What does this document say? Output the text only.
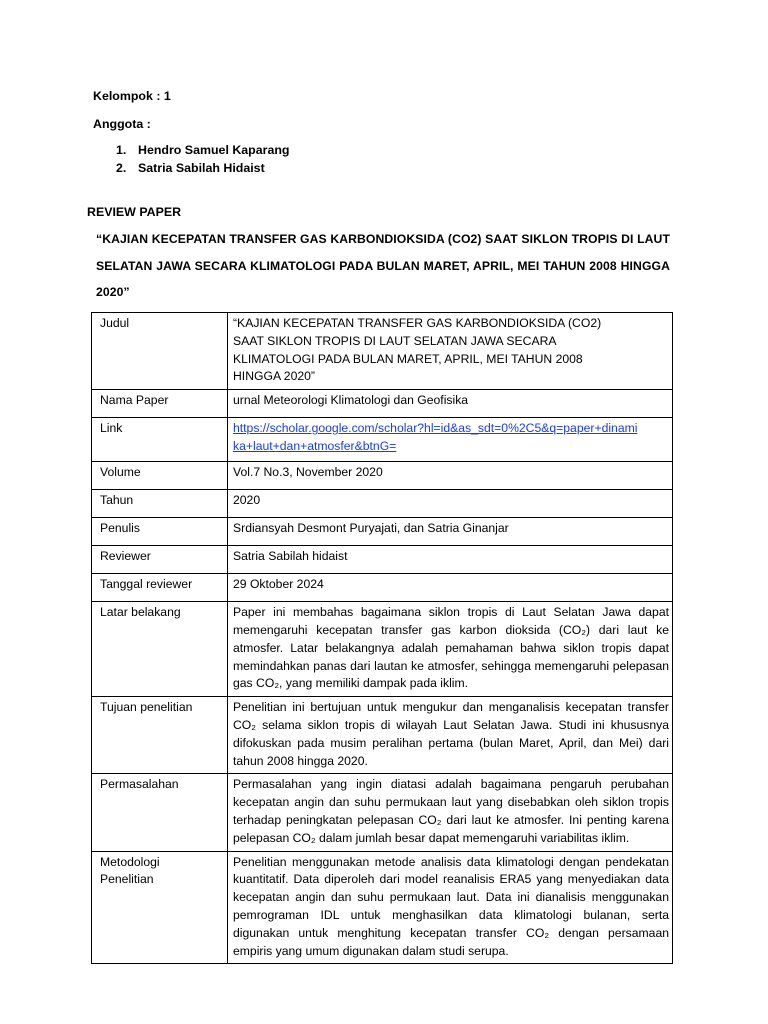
Kelompok : 1
Anggota :
1. Hendro Samuel Kaparang
2. Satria Sabilah Hidaist
REVIEW PAPER
“KAJIAN KECEPATAN TRANSFER GAS KARBONDIOKSIDA (CO2) SAAT SIKLON TROPIS DI LAUT SELATAN JAWA SECARA KLIMATOLOGI PADA BULAN MARET, APRIL, MEI TAHUN 2008 HINGGA 2020”
Judul	“KAJIAN KECEPATAN TRANSFER GAS KARBONDIOKSIDA (CO2)
SAAT SIKLON TROPIS DI LAUT SELATAN JAWA SECARA
KLIMATOLOGI PADA BULAN MARET, APRIL, MEI TAHUN 2008
HINGGA 2020”

Nama Paper	urnal Meteorologi Klimatologi dan Geofisika
Link	https://scholar.google.com/scholar?hl=id&as_sdt=0%2C5&q=paper+dinami
ka+laut+dan+atmosfer&btnG=
Volume	Vol.7 No.3, November 2020
Tahun	2020
Penulis	Srdiansyah Desmont Puryajati, dan Satria Ginanjar
Reviewer	Satria Sabilah hidaist
Tanggal reviewer	29 Oktober 2024
Latar belakang	Paper ini membahas bagaimana siklon tropis di Laut Selatan Jawa dapat memengaruhi kecepatan transfer gas karbon dioksida (CO₂) dari laut ke atmosfer. Latar belakangnya adalah pemahaman bahwa siklon tropis dapat memindahkan panas dari lautan ke atmosfer, sehingga memengaruhi pelepasan gas CO₂, yang memiliki dampak pada iklim.
Tujuan penelitian	Penelitian ini bertujuan untuk mengukur dan menganalisis kecepatan transfer CO₂ selama siklon tropis di wilayah Laut Selatan Jawa. Studi ini khususnya difokuskan pada musim peralihan pertama (bulan Maret, April, dan Mei) dari tahun 2008 hingga 2020.
Permasalahan	Permasalahan yang ingin diatasi adalah bagaimana pengaruh perubahan kecepatan angin dan suhu permukaan laut yang disebabkan oleh siklon tropis terhadap peningkatan pelepasan CO₂ dari laut ke atmosfer. Ini penting karena pelepasan CO₂ dalam jumlah besar dapat memengaruhi variabilitas iklim.

Metodologi
Penelitian	Penelitian menggunakan metode analisis data klimatologi dengan pendekatan kuantitatif. Data diperoleh dari model reanalisis ERA5 yang menyediakan data kecepatan angin dan suhu permukaan laut. Data ini dianalisis menggunakan pemrograman IDL untuk menghasilkan data klimatologi bulanan, serta digunakan untuk menghitung kecepatan transfer CO₂ dengan persamaan empiris yang umum digunakan dalam studi serupa.
